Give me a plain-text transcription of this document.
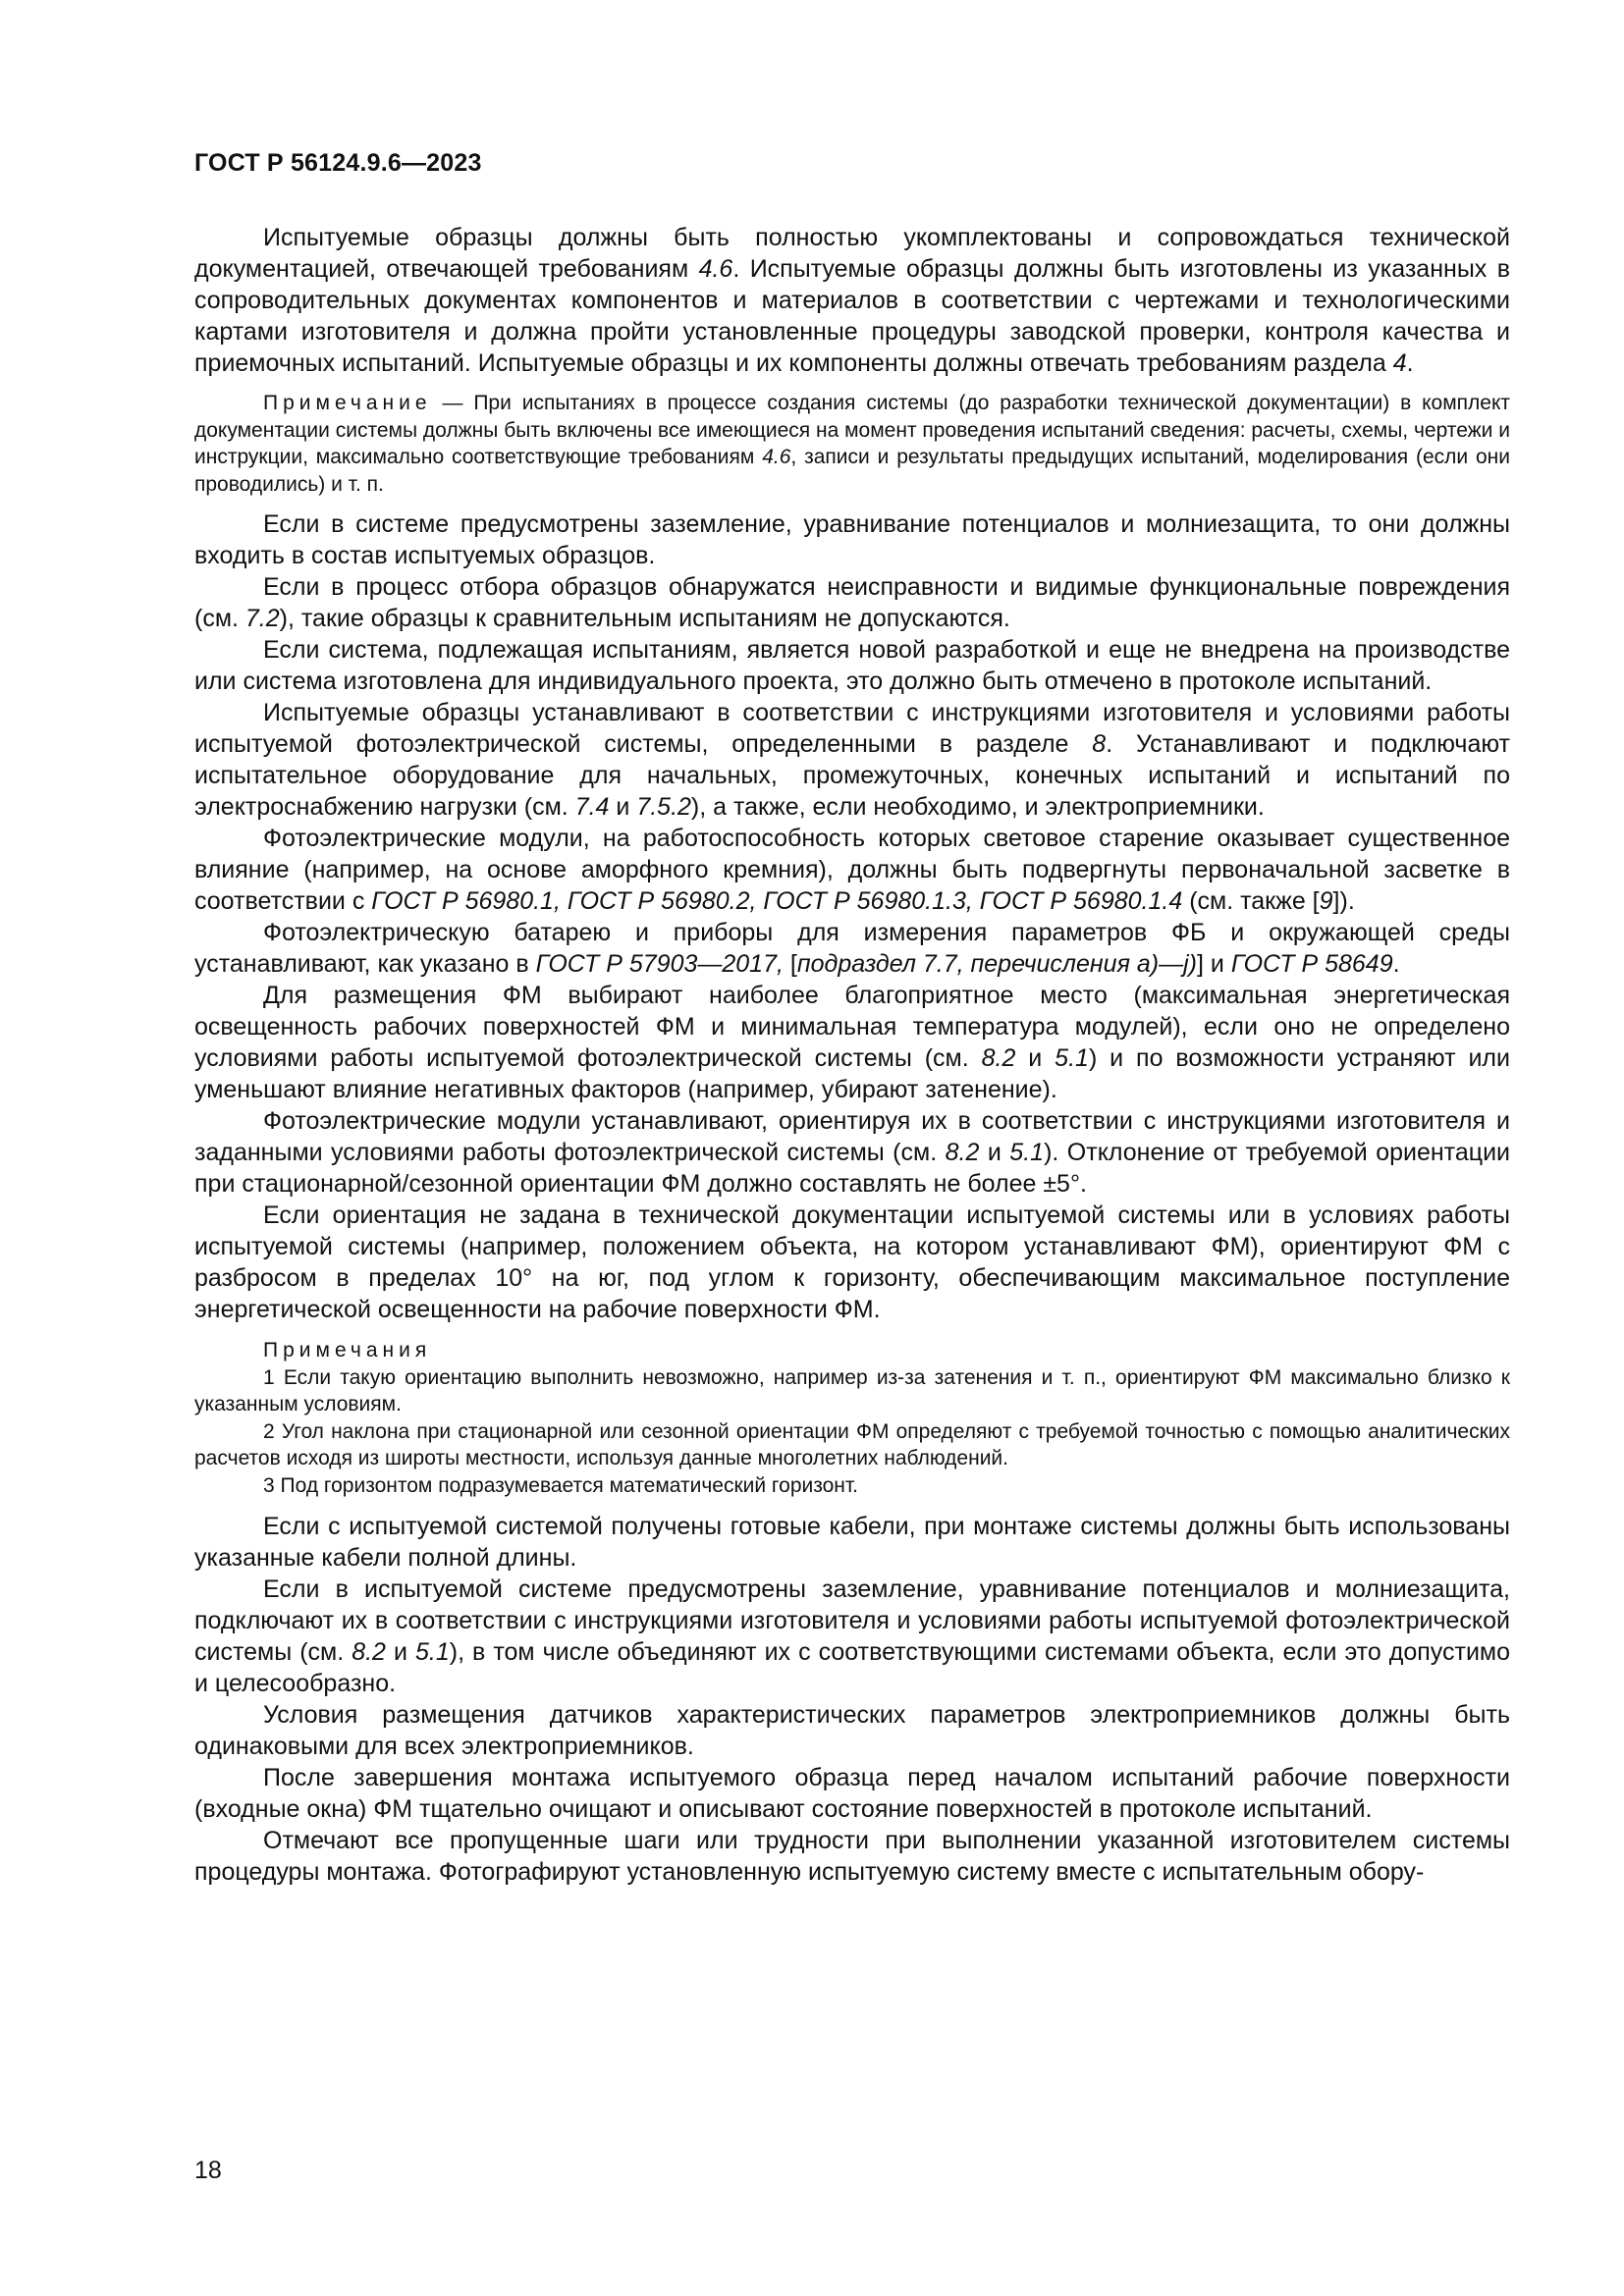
ГОСТ Р 56124.9.6—2023

Испытуемые образцы должны быть полностью укомплектованы и сопровождаться технической документацией, отвечающей требованиям 4.6. Испытуемые образцы должны быть изготовлены из указанных в сопроводительных документах компонентов и материалов в соответствии с чертежами и технологическими картами изготовителя и должна пройти установленные процедуры заводской проверки, контроля качества и приемочных испытаний. Испытуемые образцы и их компоненты должны отвечать требованиям раздела 4.

Примечание — При испытаниях в процессе создания системы (до разработки технической документации) в комплект документации системы должны быть включены все имеющиеся на момент проведения испытаний сведения: расчеты, схемы, чертежи и инструкции, максимально соответствующие требованиям 4.6, записи и результаты предыдущих испытаний, моделирования (если они проводились) и т. п.

Если в системе предусмотрены заземление, уравнивание потенциалов и молниезащита, то они должны входить в состав испытуемых образцов.

Если в процесс отбора образцов обнаружатся неисправности и видимые функциональные повреждения (см. 7.2), такие образцы к сравнительным испытаниям не допускаются.

Если система, подлежащая испытаниям, является новой разработкой и еще не внедрена на производстве или система изготовлена для индивидуального проекта, это должно быть отмечено в протоколе испытаний.

Испытуемые образцы устанавливают в соответствии с инструкциями изготовителя и условиями работы испытуемой фотоэлектрической системы, определенными в разделе 8. Устанавливают и подключают испытательное оборудование для начальных, промежуточных, конечных испытаний и испытаний по электроснабжению нагрузки (см. 7.4 и 7.5.2), а также, если необходимо, и электроприемники.

Фотоэлектрические модули, на работоспособность которых световое старение оказывает существенное влияние (например, на основе аморфного кремния), должны быть подвергнуты первоначальной засветке в соответствии с ГОСТ Р 56980.1, ГОСТ Р 56980.2, ГОСТ Р 56980.1.3, ГОСТ Р 56980.1.4 (см. также [9]).

Фотоэлектрическую батарею и приборы для измерения параметров ФБ и окружающей среды устанавливают, как указано в ГОСТ Р 57903—2017, [подраздел 7.7, перечисления а)—j)] и ГОСТ Р 58649.

Для размещения ФМ выбирают наиболее благоприятное место (максимальная энергетическая освещенность рабочих поверхностей ФМ и минимальная температура модулей), если оно не определено условиями работы испытуемой фотоэлектрической системы (см. 8.2 и 5.1) и по возможности устраняют или уменьшают влияние негативных факторов (например, убирают затенение).

Фотоэлектрические модули устанавливают, ориентируя их в соответствии с инструкциями изготовителя и заданными условиями работы фотоэлектрической системы (см. 8.2 и 5.1). Отклонение от требуемой ориентации при стационарной/сезонной ориентации ФМ должно составлять не более ±5°.

Если ориентация не задана в технической документации испытуемой системы или в условиях работы испытуемой системы (например, положением объекта, на котором устанавливают ФМ), ориентируют ФМ с разбросом в пределах 10° на юг, под углом к горизонту, обеспечивающим максимальное поступление энергетической освещенности на рабочие поверхности ФМ.

Примечания

1 Если такую ориентацию выполнить невозможно, например из-за затенения и т. п., ориентируют ФМ максимально близко к указанным условиям.

2 Угол наклона при стационарной или сезонной ориентации ФМ определяют с требуемой точностью с помощью аналитических расчетов исходя из широты местности, используя данные многолетних наблюдений.

3 Под горизонтом подразумевается математический горизонт.

Если с испытуемой системой получены готовые кабели, при монтаже системы должны быть использованы указанные кабели полной длины.

Если в испытуемой системе предусмотрены заземление, уравнивание потенциалов и молниезащита, подключают их в соответствии с инструкциями изготовителя и условиями работы испытуемой фотоэлектрической системы (см. 8.2 и 5.1), в том числе объединяют их с соответствующими системами объекта, если это допустимо и целесообразно.

Условия размещения датчиков характеристических параметров электроприемников должны быть одинаковыми для всех электроприемников.

После завершения монтажа испытуемого образца перед началом испытаний рабочие поверхности (входные окна) ФМ тщательно очищают и описывают состояние поверхностей в протоколе испытаний.

Отмечают все пропущенные шаги или трудности при выполнении указанной изготовителем системы процедуры монтажа. Фотографируют установленную испытуемую систему вместе с испытательным обору-

18
